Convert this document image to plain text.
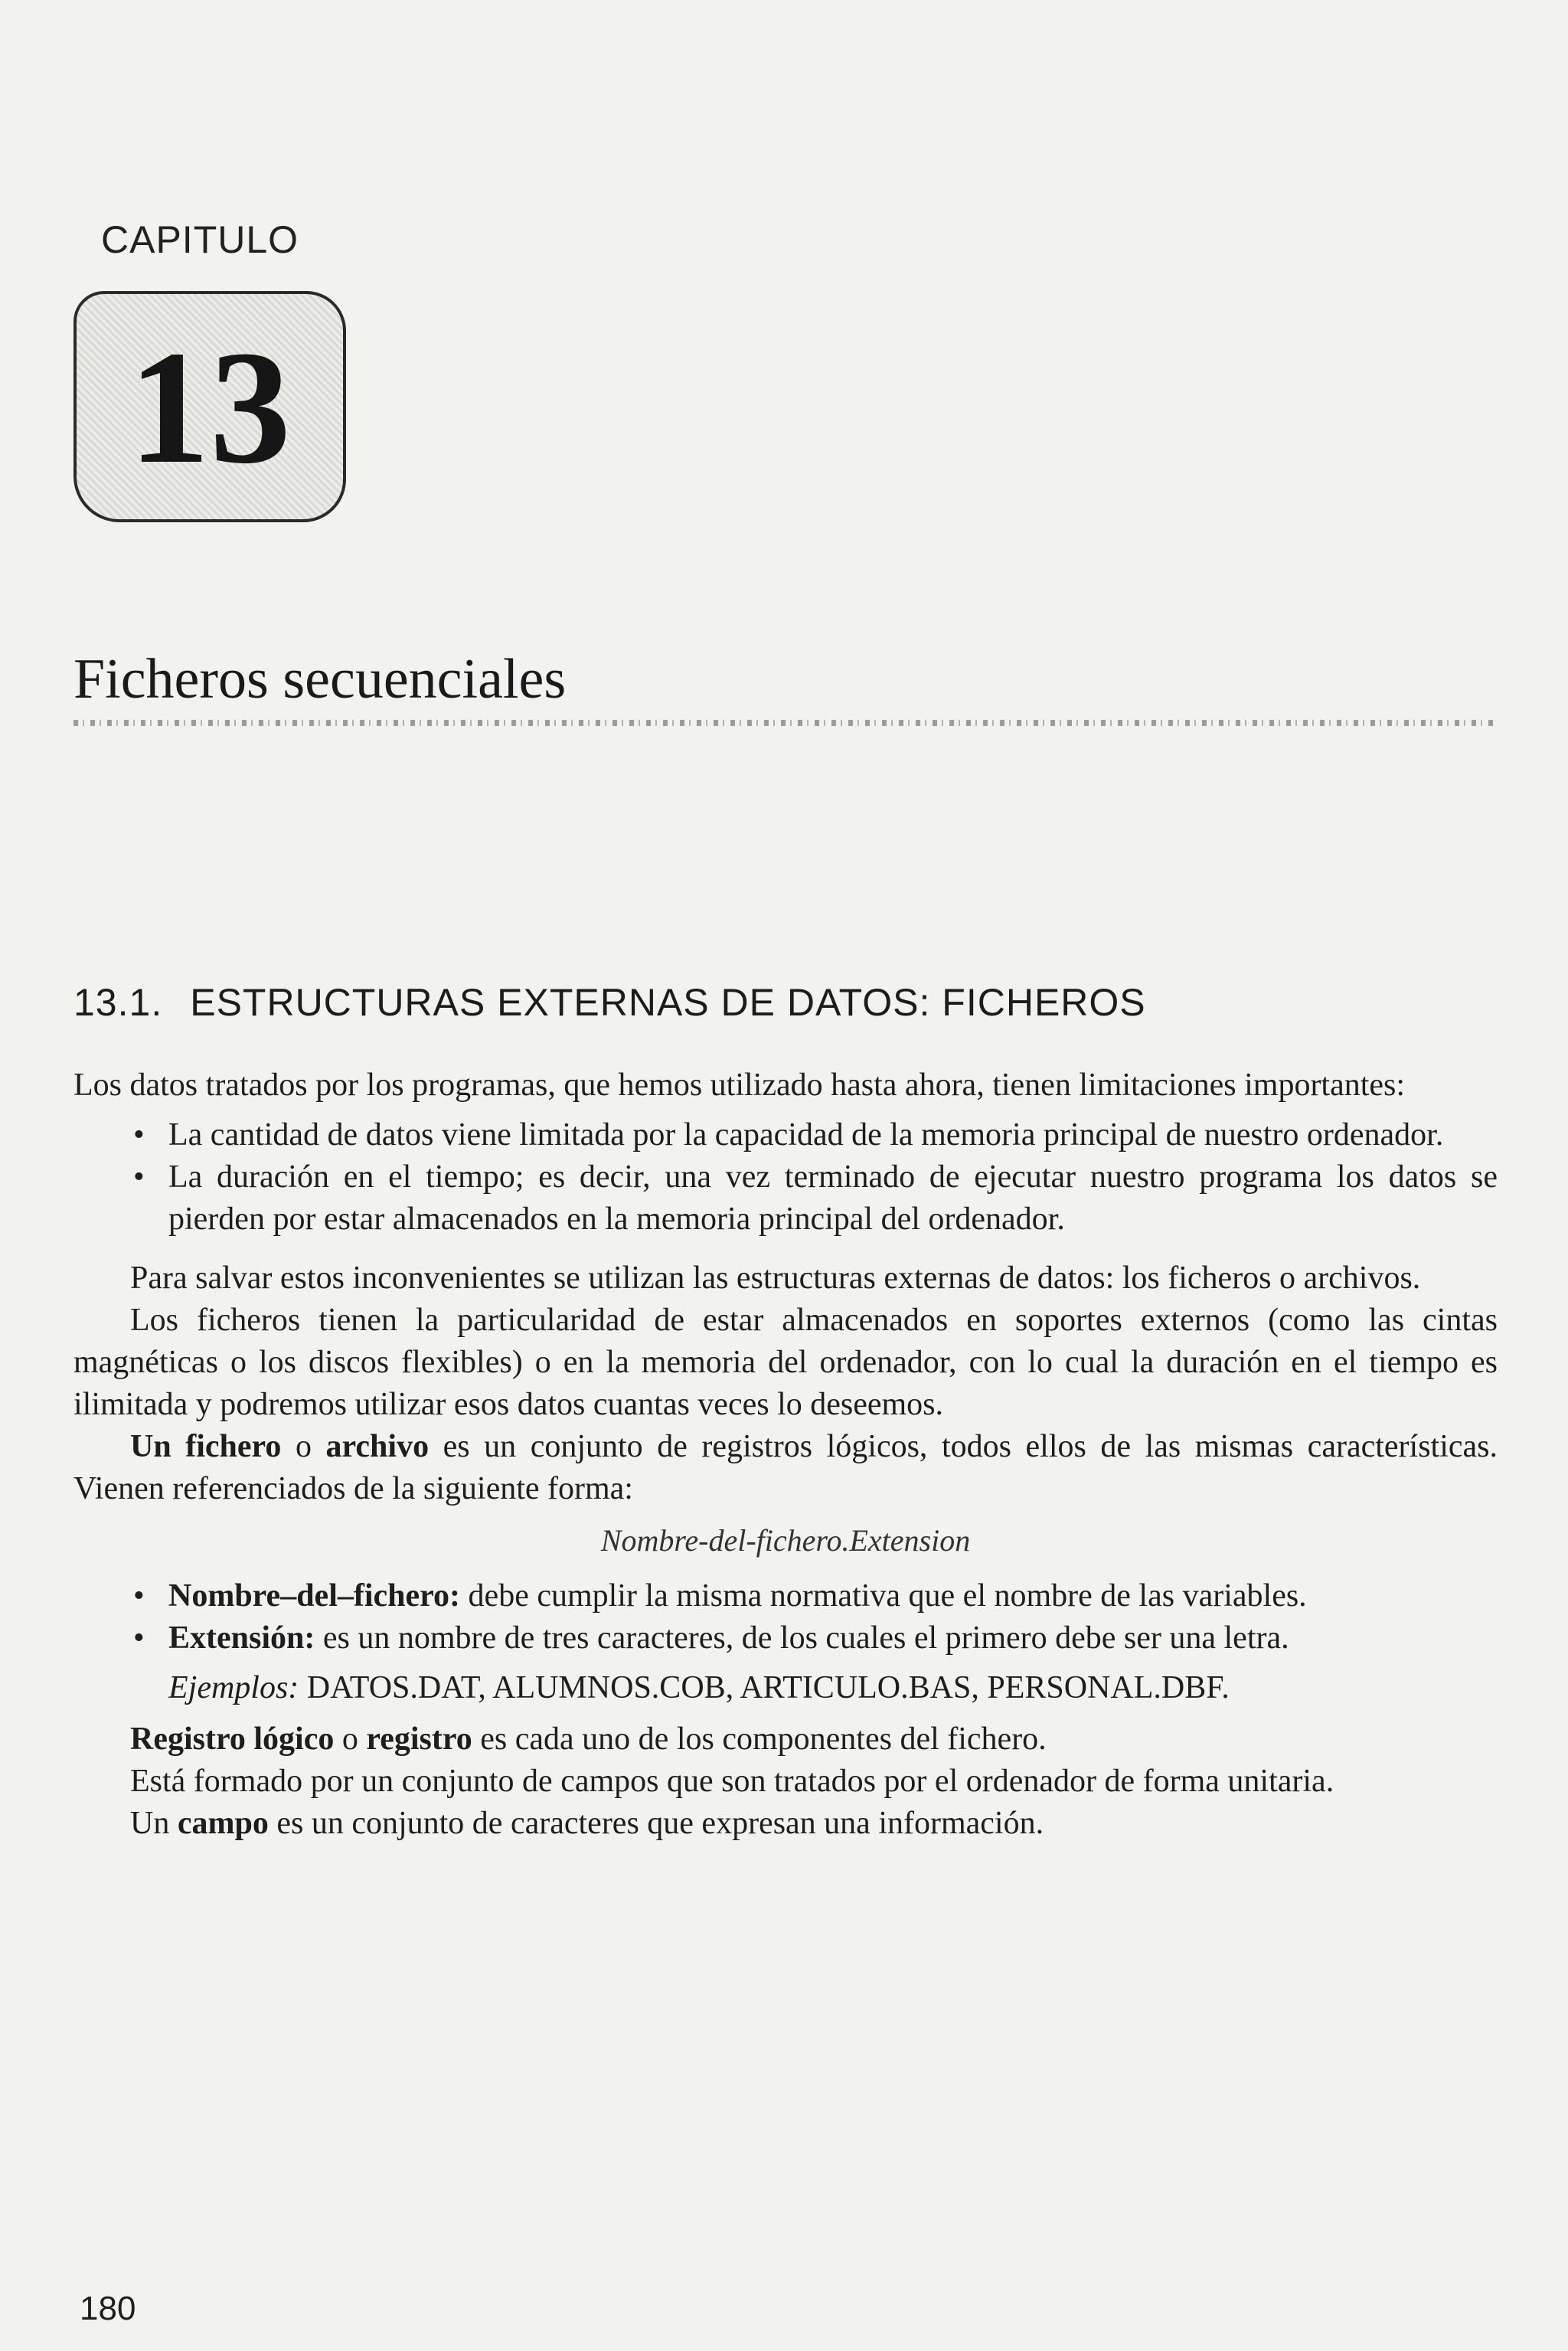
CAPITULO
13
Ficheros secuenciales
13.1. ESTRUCTURAS EXTERNAS DE DATOS: FICHEROS

Los datos tratados por los programas, que hemos utilizado hasta ahora, tienen limitaciones importantes:

• La cantidad de datos viene limitada por la capacidad de la memoria principal de nuestro ordenador.
• La duración en el tiempo; es decir, una vez terminado de ejecutar nuestro programa los datos se pierden por estar almacenados en la memoria principal del ordenador.

Para salvar estos inconvenientes se utilizan las estructuras externas de datos: los ficheros o archivos.

Los ficheros tienen la particularidad de estar almacenados en soportes externos (como las cintas magnéticas o los discos flexibles) o en la memoria del ordenador, con lo cual la duración en el tiempo es ilimitada y podremos utilizar esos datos cuantas veces lo deseemos.

Un fichero o archivo es un conjunto de registros lógicos, todos ellos de las mismas características. Vienen referenciados de la siguiente forma:

Nombre-del-fichero.Extension
• Nombre–del–fichero: debe cumplir la misma normativa que el nombre de las variables.
• Extensión: es un nombre de tres caracteres, de los cuales el primero debe ser una letra.
Ejemplos: DATOS.DAT, ALUMNOS.COB, ARTICULO.BAS, PERSONAL.DBF.

Registro lógico o registro es cada uno de los componentes del fichero.

Está formado por un conjunto de campos que son tratados por el ordenador de forma unitaria.

Un campo es un conjunto de caracteres que expresan una información.

180
